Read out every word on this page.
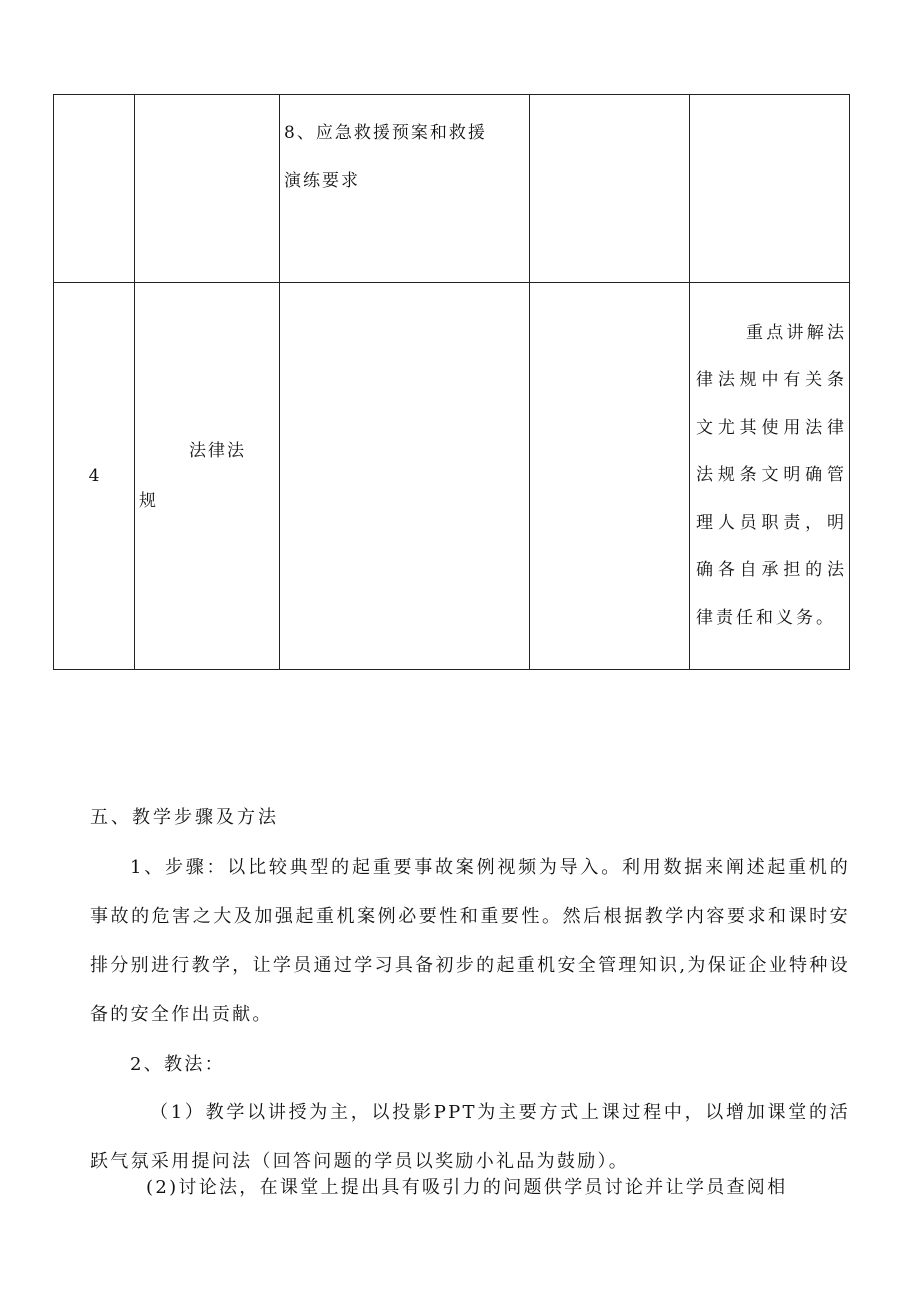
		8、应急救援预案和救援
演练要求		

4	法律法
规			重点讲解法律法规中有关条文尤其使用法律法规条文明确管理人员职责，明确各自承担的法律责任和义务。
五、教学步骤及方法

1、步骤：以比较典型的起重要事故案例视频为导入。利用数据来阐述起重机的事故的危害之大及加强起重机案例必要性和重要性。然后根据教学内容要求和课时安排分别进行教学，让学员通过学习具备初步的起重机安全管理知识,为保证企业特种设备的安全作出贡献。

2、教法：

（1）教学以讲授为主，以投影PPT为主要方式上课过程中，以增加课堂的活跃气氛采用提问法（回答问题的学员以奖励小礼品为鼓励）。

(2)讨论法，在课堂上提出具有吸引力的问题供学员讨论并让学员查阅相
